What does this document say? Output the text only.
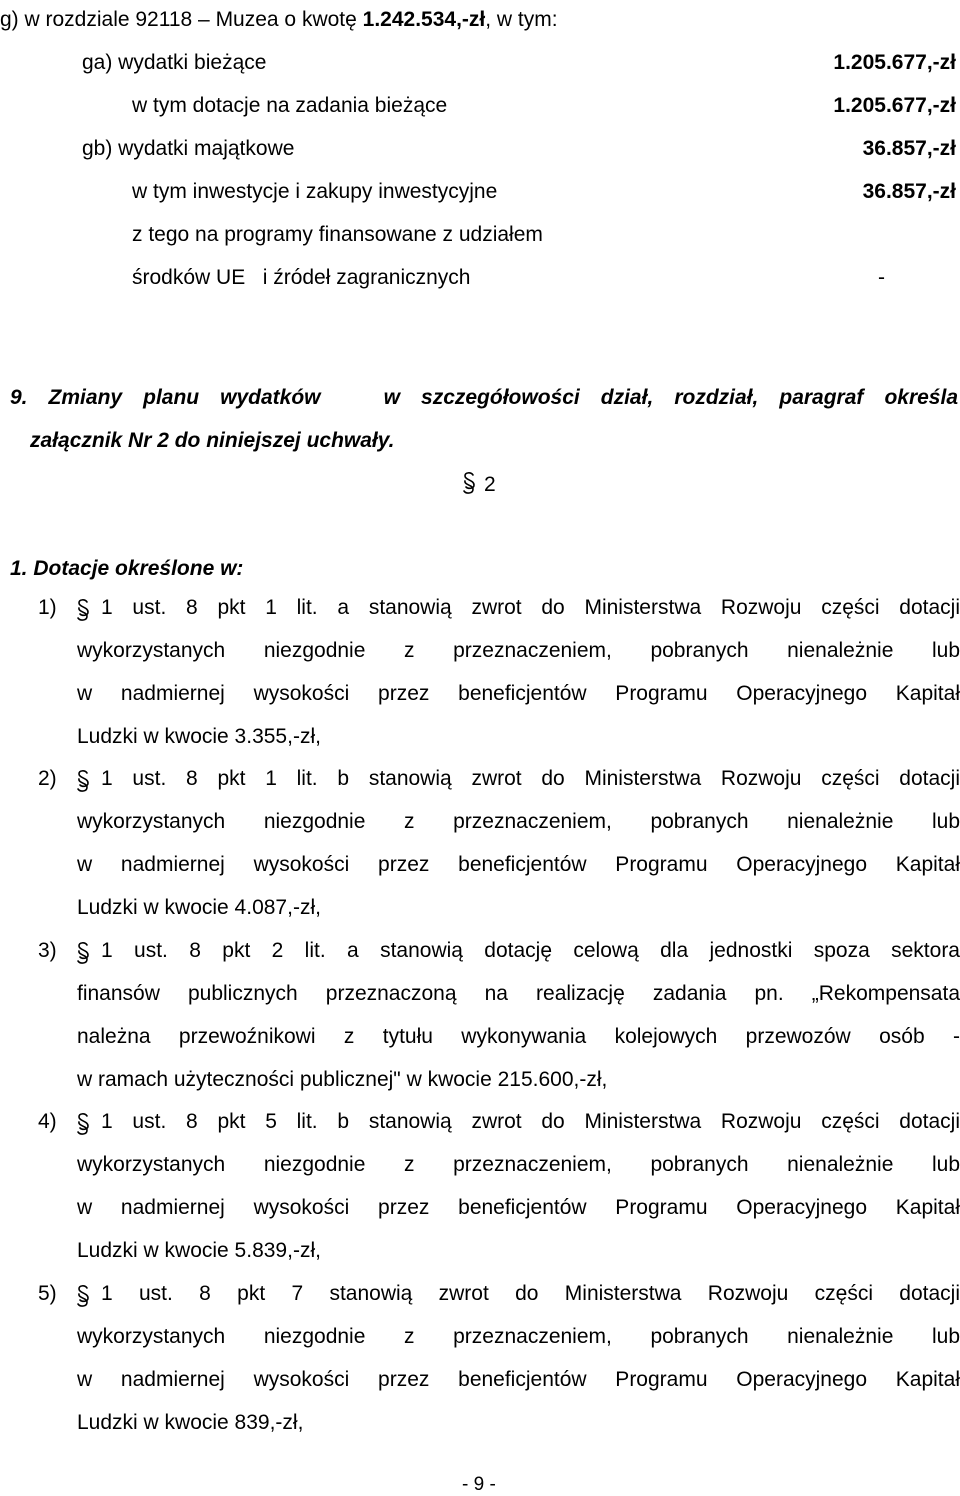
g) w rozdziale 92118 – Muzea o kwotę 1.242.534,-zł, w tym:
ga) wydatki bieżące	1.205.677,-zł
w tym dotacje na zadania bieżące	1.205.677,-zł
gb) wydatki majątkowe	36.857,-zł
w tym inwestycje i zakupy inwestycyjne	36.857,-zł
z tego na programy finansowane z udziałem
środków UE   i źródeł zagranicznych	-
9. Zmiany planu wydatków   w szczegółowości dział, rozdział, paragraf określa
załącznik Nr 2 do niniejszej uchwały.
2
1. Dotacje określone w:
1) 1 ust. 8 pkt 1 lit. a stanowią zwrot do Ministerstwa Rozwoju części dotacji
wykorzystanych niezgodnie z przeznaczeniem, pobranych nienależnie lub
w nadmiernej wysokości przez beneficjentów Programu Operacyjnego Kapitał
Ludzki w kwocie 3.355,-zł,
2) 1 ust. 8 pkt 1 lit. b stanowią zwrot do Ministerstwa Rozwoju części dotacji
wykorzystanych niezgodnie z przeznaczeniem, pobranych nienależnie lub
w nadmiernej wysokości przez beneficjentów Programu Operacyjnego Kapitał
Ludzki w kwocie 4.087,-zł,
3) 1 ust. 8 pkt 2 lit. a stanowią dotację celową dla jednostki spoza sektora
finansów publicznych przeznaczoną na realizację zadania pn. „Rekompensata
należna przewoźnikowi z tytułu wykonywania kolejowych przewozów osób -
w ramach użyteczności publicznej" w kwocie 215.600,-zł,
4) 1 ust. 8 pkt 5 lit. b stanowią zwrot do Ministerstwa Rozwoju części dotacji
wykorzystanych niezgodnie z przeznaczeniem, pobranych nienależnie lub
w nadmiernej wysokości przez beneficjentów Programu Operacyjnego Kapitał
Ludzki w kwocie 5.839,-zł,
5) 1 ust. 8 pkt 7 stanowią zwrot do Ministerstwa Rozwoju części dotacji
wykorzystanych niezgodnie z przeznaczeniem, pobranych nienależnie lub
w nadmiernej wysokości przez beneficjentów Programu Operacyjnego Kapitał
Ludzki w kwocie 839,-zł,
- 9 -
